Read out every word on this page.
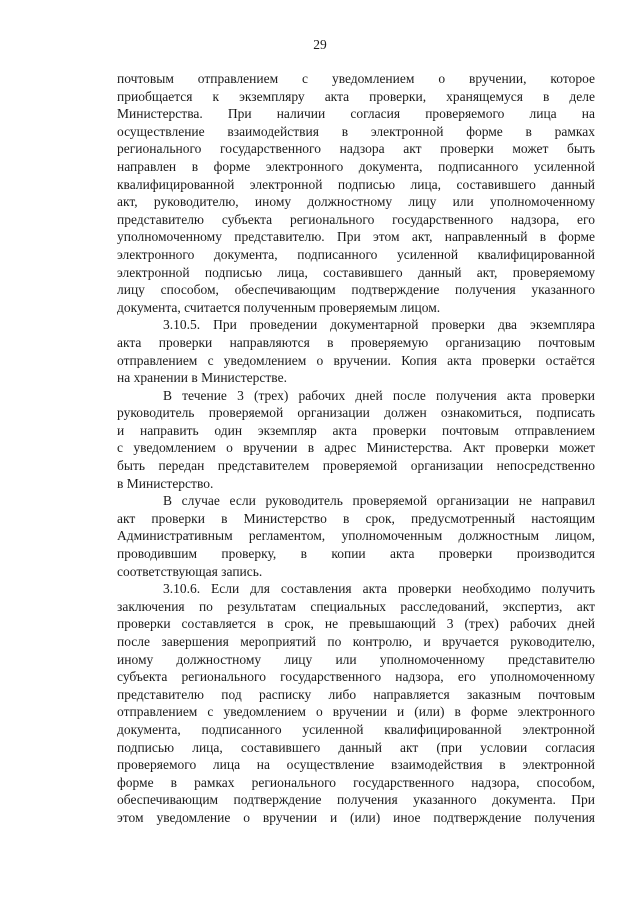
29

почтовым отправлением с уведомлением о вручении, которое
приобщается к экземпляру акта проверки, хранящемуся в деле
Министерства. При наличии согласия проверяемого лица на
осуществление взаимодействия в электронной форме в рамках
регионального государственного надзора акт проверки может быть
направлен в форме электронного документа, подписанного усиленной
квалифицированной электронной подписью лица, составившего данный
акт, руководителю, иному должностному лицу или уполномоченному
представителю субъекта регионального государственного надзора, его
уполномоченному представителю. При этом акт, направленный в форме
электронного документа, подписанного усиленной квалифицированной
электронной подписью лица, составившего данный акт, проверяемому
лицу способом, обеспечивающим подтверждение получения указанного
документа, считается полученным проверяемым лицом.

3.10.5. При проведении документарной проверки два экземпляра
акта проверки направляются в проверяемую организацию почтовым
отправлением с уведомлением о вручении. Копия акта проверки остаётся
на хранении в Министерстве.

В течение 3 (трех) рабочих дней после получения акта проверки
руководитель проверяемой организации должен ознакомиться, подписать
и направить один экземпляр акта проверки почтовым отправлением
с уведомлением о вручении в адрес Министерства. Акт проверки может
быть передан представителем проверяемой организации непосредственно
в Министерство.

В случае если руководитель проверяемой организации не направил
акт проверки в Министерство в срок, предусмотренный настоящим
Административным регламентом, уполномоченным должностным лицом,
проводившим проверку, в копии акта проверки производится
соответствующая запись.

3.10.6. Если для составления акта проверки необходимо получить
заключения по результатам специальных расследований, экспертиз, акт
проверки составляется в срок, не превышающий 3 (трех) рабочих дней
после завершения мероприятий по контролю, и вручается руководителю,
иному должностному лицу или уполномоченному представителю
субъекта регионального государственного надзора, его уполномоченному
представителю под расписку либо направляется заказным почтовым
отправлением с уведомлением о вручении и (или) в форме электронного
документа, подписанного усиленной квалифицированной электронной
подписью лица, составившего данный акт (при условии согласия
проверяемого лица на осуществление взаимодействия в электронной
форме в рамках регионального государственного надзора, способом,
обеспечивающим подтверждение получения указанного документа. При
этом уведомление о вручении и (или) иное подтверждение получения
